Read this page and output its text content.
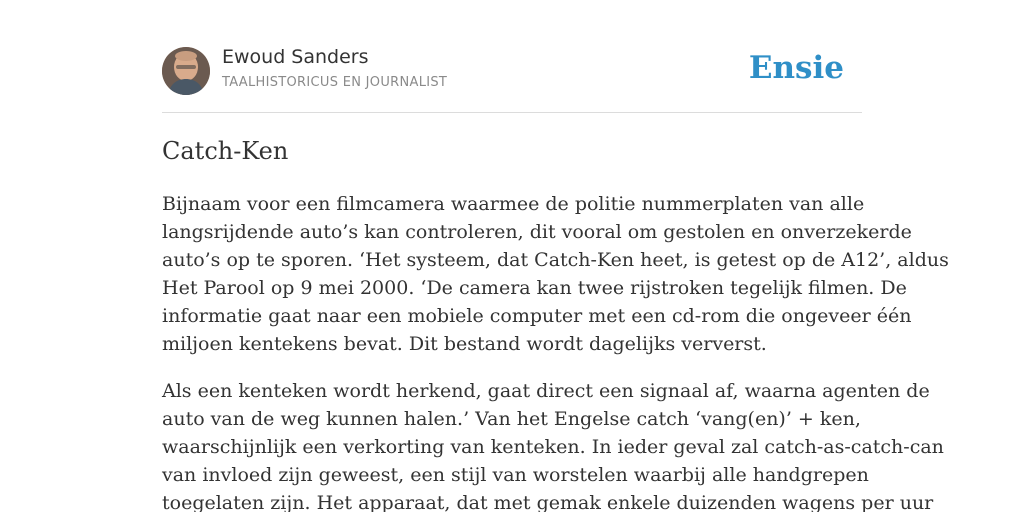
Ewoud Sanders
TAALHISTORICUS EN JOURNALIST	Ensie
Catch-Ken

Bijnaam voor een filmcamera waarmee de politie nummerplaten van alle
langsrijdende auto’s kan controleren, dit vooral om gestolen en onverzekerde
auto’s op te sporen. ‘Het systeem, dat Catch-Ken heet, is getest op de A12’, aldus
Het Parool op 9 mei 2000. ‘De camera kan twee rijstroken tegelijk filmen. De
informatie gaat naar een mobiele computer met een cd-rom die ongeveer één
miljoen kentekens bevat. Dit bestand wordt dagelijks ververst.

Als een kenteken wordt herkend, gaat direct een signaal af, waarna agenten de
auto van de weg kunnen halen.’ Van het Engelse catch ‘vang(en)’ + ken,
waarschijnlijk een verkorting van kenteken. In ieder geval zal catch-as-catch-can
van invloed zijn geweest, een stijl van worstelen waarbij alle handgrepen
toegelaten zijn. Het apparaat, dat met gemak enkele duizenden wagens per uur
